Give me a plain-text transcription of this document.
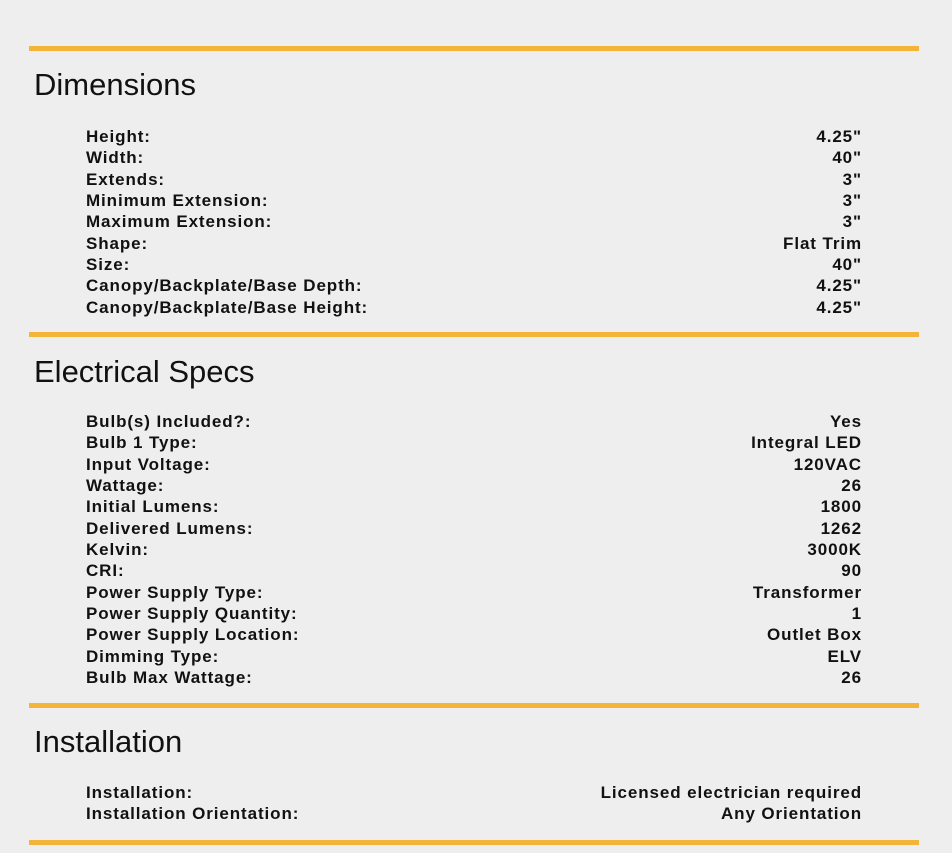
Dimensions
Height:	4.25"
Width:	40"
Extends:	3"
Minimum Extension:	3"
Maximum Extension:	3"
Shape:	Flat Trim
Size:	40"
Canopy/Backplate/Base Depth:	4.25"
Canopy/Backplate/Base Height:	4.25"
Electrical Specs
Bulb(s) Included?:	Yes
Bulb 1 Type:	Integral LED
Input Voltage:	120VAC
Wattage:	26
Initial Lumens:	1800
Delivered Lumens:	1262
Kelvin:	3000K
CRI:	90
Power Supply Type:	Transformer
Power Supply Quantity:	1
Power Supply Location:	Outlet Box
Dimming Type:	ELV
Bulb Max Wattage:	26
Installation
Installation:	Licensed electrician required
Installation Orientation:	Any Orientation
